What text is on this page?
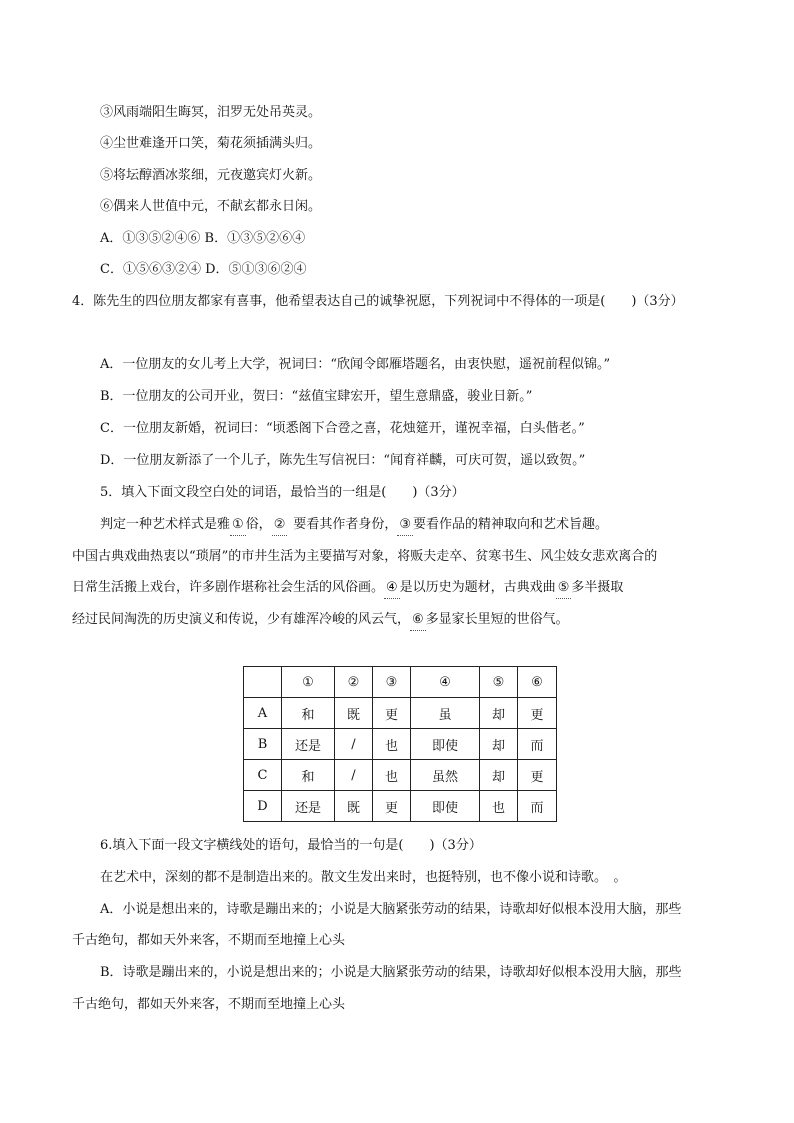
③风雨端阳生晦冥，汨罗无处吊英灵。
④尘世难逢开口笑，菊花须插满头归。
⑤将坛醇酒冰浆细，元夜邀宾灯火新。
⑥偶来人世值中元，不献玄都永日闲。
A．①③⑤②④⑥ B．①③⑤②⑥④
C．①⑤⑥③②④ D．⑤①③⑥②④
4．陈先生的四位朋友都家有喜事，他希望表达自己的诚挚祝愿，下列祝词中不得体的一项是(　　)（3分）
A．一位朋友的女儿考上大学，祝词曰：“欣闻令郎雁塔题名，由衷快慰，遥祝前程似锦。”
B．一位朋友的公司开业，贺曰：“兹值宝肆宏开，望生意鼎盛，骏业日新。”
C．一位朋友新婚，祝词曰：“顷悉阁下合卺之喜，花烛筵开，谨祝幸福，白头偕老。”
D．一位朋友新添了一个儿子，陈先生写信祝曰：“闻育祥麟，可庆可贺，遥以致贺。”
5．填入下面文段空白处的词语，最恰当的一组是(　　)（3分）
判定一种艺术样式是雅 ① 俗， ② 要看其作者身份， ③ 要看作品的精神取向和艺术旨趣。
中国古典戏曲热衷以“琐屑”的市井生活为主要描写对象，将贩夫走卒、贫寒书生、风尘妓女悲欢离合的
日常生活搬上戏台，许多剧作堪称社会生活的风俗画。 ④ 是以历史为题材，古典戏曲 ⑤ 多半摄取
经过民间淘洗的历史演义和传说，少有雄浑冷峻的风云气， ⑥ 多显家长里短的世俗气。
	①	②	③	④	⑤	⑥
A	和	既	更	虽	却	更
B	还是	/	也	即使	却	而
C	和	/	也	虽然	却	更
D	还是	既	更	即使	也	而
6.填入下面一段文字横线处的语句，最恰当的一句是(　　)（3分）
在艺术中，深刻的都不是制造出来的。散文生发出来时，也挺特别，也不像小说和诗歌。　。
A．小说是想出来的，诗歌是蹦出来的；小说是大脑紧张劳动的结果，诗歌却好似根本没用大脑，那些
千古绝句，都如天外来客，不期而至地撞上心头
B．诗歌是蹦出来的，小说是想出来的；小说是大脑紧张劳动的结果，诗歌却好似根本没用大脑，那些
千古绝句，都如天外来客，不期而至地撞上心头
